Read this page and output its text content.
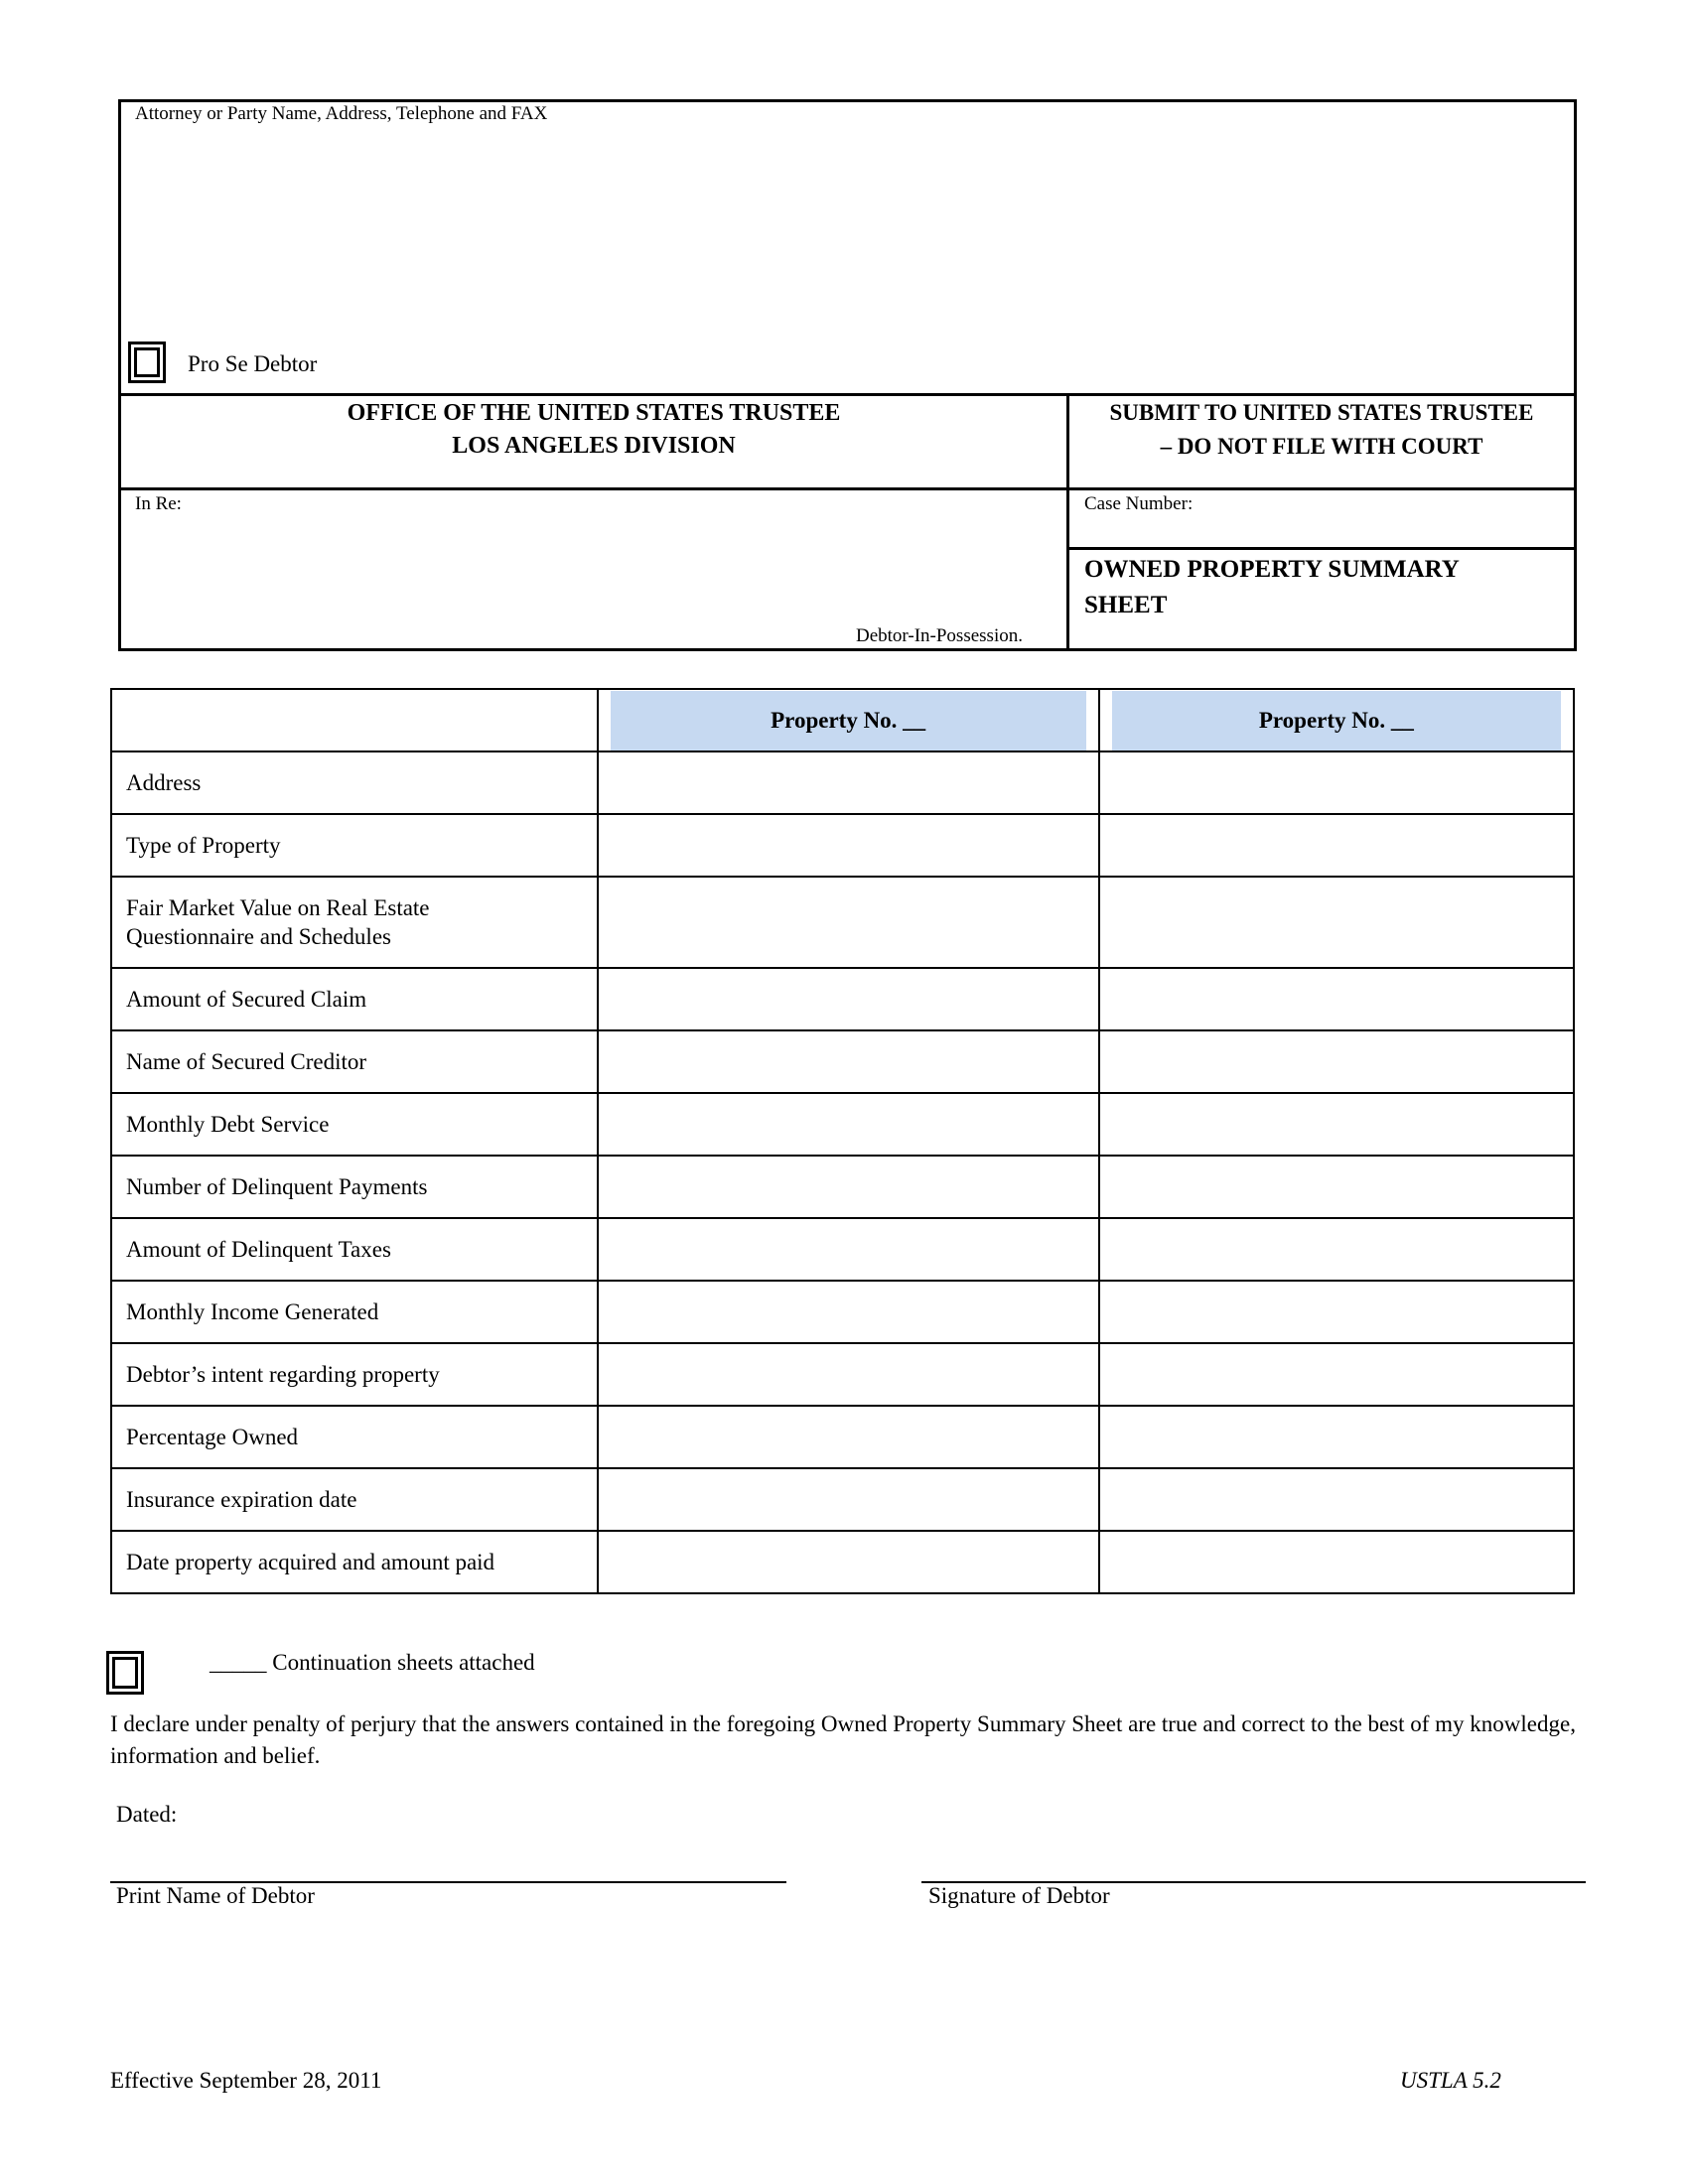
Attorney or Party Name, Address, Telephone and FAX
Pro Se Debtor
OFFICE OF THE UNITED STATES TRUSTEE
LOS ANGELES DIVISION
SUBMIT TO UNITED STATES TRUSTEE
– DO NOT FILE WITH COURT
In Re:
Debtor-In-Possession.
Case Number:
OWNED PROPERTY SUMMARY
SHEET

Property No. __	Property No. __

Address		
Type of Property		
Fair Market Value on Real Estate Questionnaire and Schedules		
Amount of Secured Claim		
Name of Secured Creditor		
Monthly Debt Service		
Number of Delinquent Payments		
Amount of Delinquent Taxes		
Monthly Income Generated		
Debtor’s intent regarding property		
Percentage Owned		
Insurance expiration date		
Date property acquired and amount paid		
_____ Continuation sheets attached
I declare under penalty of perjury that the answers contained in the foregoing Owned Property Summary Sheet are true and correct to the best of my knowledge, information and belief.
Dated:
Print Name of Debtor	Signature of Debtor
Effective September 28, 2011	USTLA 5.2
